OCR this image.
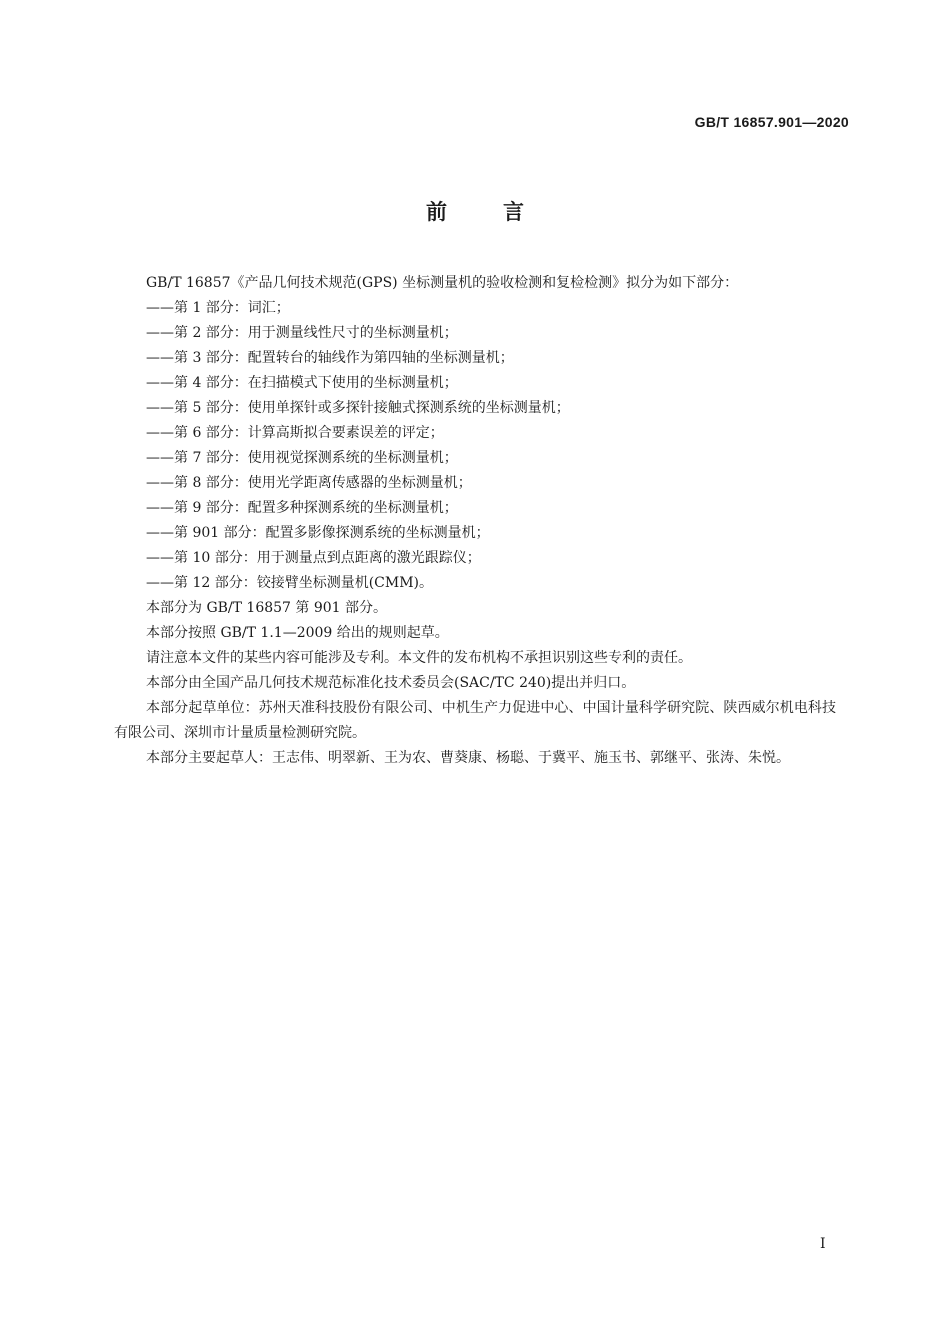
GB/T 16857.901—2020
前言

GB/T 16857《产品几何技术规范(GPS) 坐标测量机的验收检测和复检检测》拟分为如下部分：

——第 1 部分：词汇；

——第 2 部分：用于测量线性尺寸的坐标测量机；

——第 3 部分：配置转台的轴线作为第四轴的坐标测量机；

——第 4 部分：在扫描模式下使用的坐标测量机；

——第 5 部分：使用单探针或多探针接触式探测系统的坐标测量机；

——第 6 部分：计算高斯拟合要素误差的评定；

——第 7 部分：使用视觉探测系统的坐标测量机；

——第 8 部分：使用光学距离传感器的坐标测量机；

——第 9 部分：配置多种探测系统的坐标测量机；

——第 901 部分：配置多影像探测系统的坐标测量机；

——第 10 部分：用于测量点到点距离的激光跟踪仪；

——第 12 部分：铰接臂坐标测量机(CMM)。

本部分为 GB/T 16857 第 901 部分。

本部分按照 GB/T 1.1—2009 给出的规则起草。

请注意本文件的某些内容可能涉及专利。本文件的发布机构不承担识别这些专利的责任。

本部分由全国产品几何技术规范标准化技术委员会(SAC/TC 240)提出并归口。

本部分起草单位：苏州天准科技股份有限公司、中机生产力促进中心、中国计量科学研究院、陕西威尔机电科技有限公司、深圳市计量质量检测研究院。

本部分主要起草人：王志伟、明翠新、王为农、曹葵康、杨聪、于冀平、施玉书、郭继平、张涛、朱悦。

I
